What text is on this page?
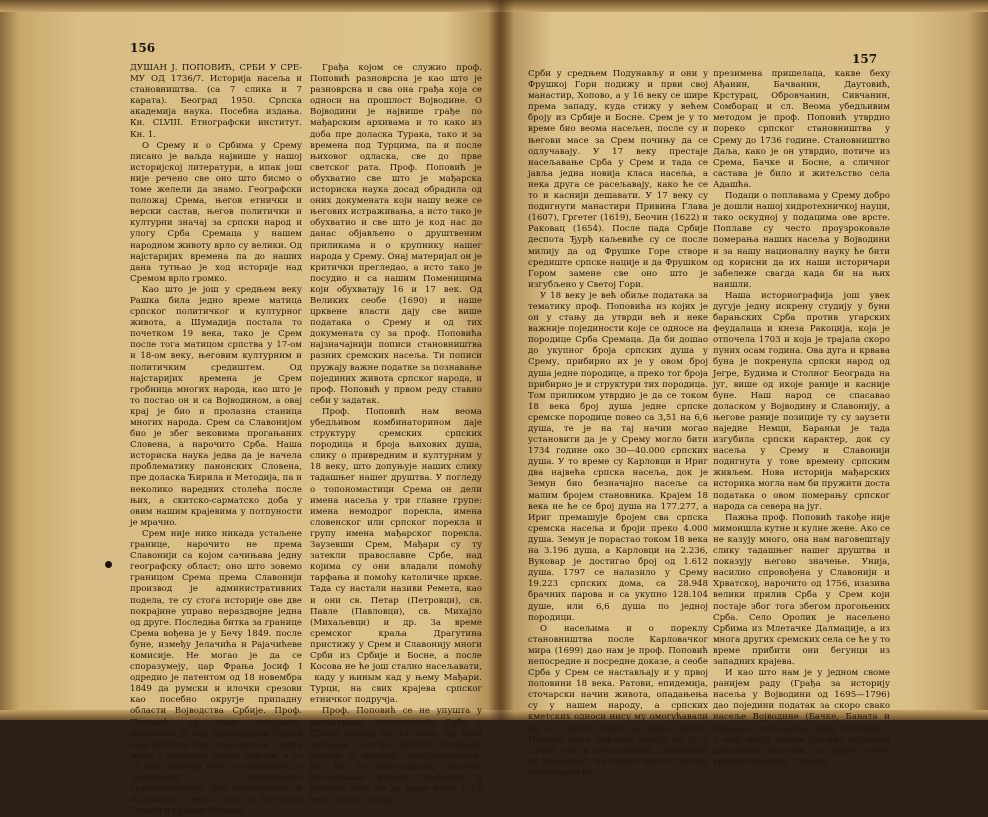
156
157

ДУШАН Ј. ПОПОВИЋ, СРБИ У СРЕ- МУ ОД 1736/7. Историја насеља и становништва. (са 7 слика и 7 карата). Београд 1950. Српска академија наука. Посебна издања. Кн. CLVIII. Етнографски институт. Кн. 1.

О Срему и о Србима у Срему писано је ваљда највише у нашој историјској литератури, а ипак још није речено све оно што бисмо о томе желели да знамо. Географски положај Срема, његов етнички и верски састав, његов политички и културни значај за српски народ и улогу Срба Сремаца у нашем народном животу врло су велики. Од најстаријих времена па до наших дана тутњао је ход историје над Сремом врло громко.

Као што је још у средњем веку Рашка била једно време матица српског политичког и културног живота, а Шумадија постала то почетком 19 века, тако је Срем после тога матицом српства у 17-ом и 18-ом веку, његовим културним и политичким средиштем. Од најстаријих времена је Срем гробница многих народа, као што је то постао он и са Војводином, а овај крај је био и пролазна станица многих народа. Срем са Славонијом био је збег вековима прогањаних Словена, а нарочито Срба. Наша историска наука једва да је начела проблематику панонских Словена, пре доласка Ћирила и Методија, па и неколико наредних столећа после њих, а скитско-сарматско доба у овим нашим крајевима у потпуности је мрачно.

Срем није нико никада устаљене границе, нарочито не према Славонији са којом сачињава једну географску област; оно што зовемо границом Срема према Славонији производ је административних подела, те су стога историје ове две покрајине управо нераздвојне једна од друге. Последња битка за границе Срема вођена је у Бечу 1849. после буне, између Јелачића и Рајачићеве комисије. Не могао је да се споразумеју, цар Фрања Јосиф I одредио је патентом од 18 новембра 1849 да румски и илочки срезови као посебно округје припадну области Војводства Србије. Проф. Поповић са свим исправно, обухватио је под територијом Срема онај простор који под именом Срема живи у схватању нашег народа, а то су оне границе које се поклапају са границама карловачке архиепископије, без винковачког и жупањског среза, али са Осечким Пољем и градом Осеком.

Грађа којом се служио проф. Поповић разноврсна је као што је разноврсна и сва она грађа која се односи на прошлост Војводине. О Војводини је највише грађе по мађарским архивама и то како из доба пре доласка Турака, тако и за времена под Турцима, па и после њиховог одласка, све до прве светског рата. Проф. Поповић је обухватио све што је мађарска историска наука досад обрадила од оних докумената који нашу веже се његових истраживања, а исто тако је обухватио и све што је код нас до данас објављено о друштвеним приликама и о крупнику нашег народа у Срему. Онај материјал он је критички прегледао, а исто тако је посудио и са нашим Поменицима који обухватају 16 и 17 век. Од Великих сеобе (1690) и наше црквене власти дају све више података о Срему и од тих докумената су за проф. Поповића најзначајнији пописи становништва разних сремских насеља. Ти пописи пружају важне податке за познавање појединих живота српског народа, и проф. Поповић у првом реду ставио себи у задатак.

Проф. Поповић нам веома убедљивом комбинаторином даје структуру сремских српских породица и броја њихових душа, слику о привредним и културним у 18 веку, што допуњује наших слику тадашњег нашег друштва. У погледу о топономастици Срема он дели имена насеља у три главне групе: имена немодрог порекла, имена словенског или српског порекла и групу имена мађарског порекла. Заузевши Срем, Мађари су ту затекли православне Србе, над којима су они владали помоћу тарфања и помоћу католичке цркве. Тада су настали називи Ремета, као и они св. Петар (Петровци), св. Павле (Павловци), св. Михајло (Михаљевци) и др. За време сремског краља Драгутина пристижу у Срем и Славонију многи Срби из Србије и Босне, а после Косова не ће још стално насељавати, каду у њиным кад у њему Мађари. Турци, на свих крајева српског етничког подручја.

Проф. Поповић се не упушта у разматрање етногенезије Срба у Срему раније од 14 века, од кога времена постоје научно утврђени докази о његовог етногенезијамм, јер би то претстављао посебно постављање новове проблеме и решење тако им да мање руке. У 15 веку осетно јачају

Срби у средњем Подунављу и они у Фрушкој Гори подижу и први свој манастир, Хопово, а у 16 веку се шире према западу, куда стижу у већем броју из Србије и Босне. Срем је у то време био веома насељен, после су и његови масе за Срем почињу да се одлучавају. У 17 веку престаје насељавање Срба у Срем и тада се јавља једна новија класа насеља, а нека друга се расељавају, како ће се то и каснији дешавати. У 17 веку су подигнути манастири Привина Глава (1607), Гргетег (1619), Беочин (1622) и Раковац (1654). После пада Србије деспота Ђурђ каљевиће су се после милију да од Фрушке Горе створе средиште српске нације и да Фрушком Гором замене све оно што је изгубљено у Светој Гори.

У 18 веку је већ обиље података за тематику проф. Поповића из којих је он у стању да утврди већ и неке важније појединости које се односе на породице Срба Сремаца. Да би дошао до укупног броја српских душа у Срему, прибирио их је у овом број душа једне породице, а преко тог броја прибирио је и структури тих породица. Том приликом утврдио је да се током 18 века број душа једне српске сремске породице повео са 3,51 на 6,6 душа, те је на тај начин могао установити да је у Срему могло бити 1734 године око 30—40.000 српских душа. У то време су Карловци и Ириг два највећа српска насеља, док је Земун био безначајно насеље са малим бројем становника. Крајем 18 века не ће се број душа на 177.277, а Ириг премашује бројем сва српска сремска насеља и броји преко 4.000 душа. Земун је порастао током 18 века на 3.196 душа, а Карловци на 2.236, Вуковар је достигао број од 1.612 душа. 1797 се налазило у Срему 19.223 српских дома, са 28.948 брачних парова и са укупно 128.104 душе, или 6,6 душа по једној породици.

О насељима и о пореклу становништва после Карловачког мира (1699) дао нам је проф. Поповић непосредне и посредне доказе, а сеобе Срба у Срем се настављају и у првој половини 18 века. Ратови, епидемија, сточарски начин живота, опадањења су у нашем народу, а српских кметских односи нису му омогућавали да се стално леже за једно место. Пример села Лаћарка казује да су у Срему чак и претстизали „пришелци из Хрватске“, на Бачке, што се све да установити из

презимена пришелаца, какве беху Ађанин, Бачванин, Даутовић, Крстурац, Обровчанин, Сивчанин, Сомборац и сл. Веома убедљивим методом је проф. Поповић утврдио пореко српског становништва у Срему до 1736 године. Становништво Даља, како је он утврдио, потиче из Срема, Бачке и Босне, а сличног састава је било и житељство села Адашћа.

Подаци о поплавама у Срему добро је дошли нашој хидротехничкој науци, тако оскудној у подацима ове врсте. Поплаве су често проузроковале померања наших насеља у Војводини и за нашу националну науку ће бити од корисни да их наши историчари забележе свагда када би на њих наишли.

Наша историографија још увек дугује једну искрену студију у буни барањских Срба против угарских феудалаца и кнеза Ракоција, која је отпочела 1703 и која је трајала скоро пуних осам година. Ова дуга и крвава буна је покренула српски народ од Јегре, Будима и Столног Београда на југ, више од икоје раније и каснијe буне. Наш народ се спасавао доласком у Војводину и Славонију, а његове раније позиције ту су заузети наједне Немци, Бараньи је тада изгубила српски карактер, док су насеља у Срему и Славонији подигнута у тове времену српским живљем. Нова историја мађарских историка могла нам би пружити доста података о овом померању српског народа са севера на југ.

Пажња проф. Поповић такође није мимоишла кутне и кулне жене. Ако се не казују много, она нам наговештају слику тадашњег нашег друштва и показују његово значење. Унија, насилно спровођена у Славонији и Хрватској, нарочито од 1756, изазива велики прилив Срба у Срем који постаје због тога збегом прогоњених Срба. Село Оролик је насељено Србима из Млетачке Далмације, а из многа других сремских села се ће у то време прибити они бегунци из западних крајева.

И као што нам је у једном своме ранијем раду (Грађа за историју насеља у Војводини од 1695—1796) дао поједини податак за скоро свако насеље Војводине (Бачке, Баната и Барање), тако нам је проф. Поповић и у овој својој књизи пружио поједини драгоцени податак за скоро свако сремско насеље. У свима
